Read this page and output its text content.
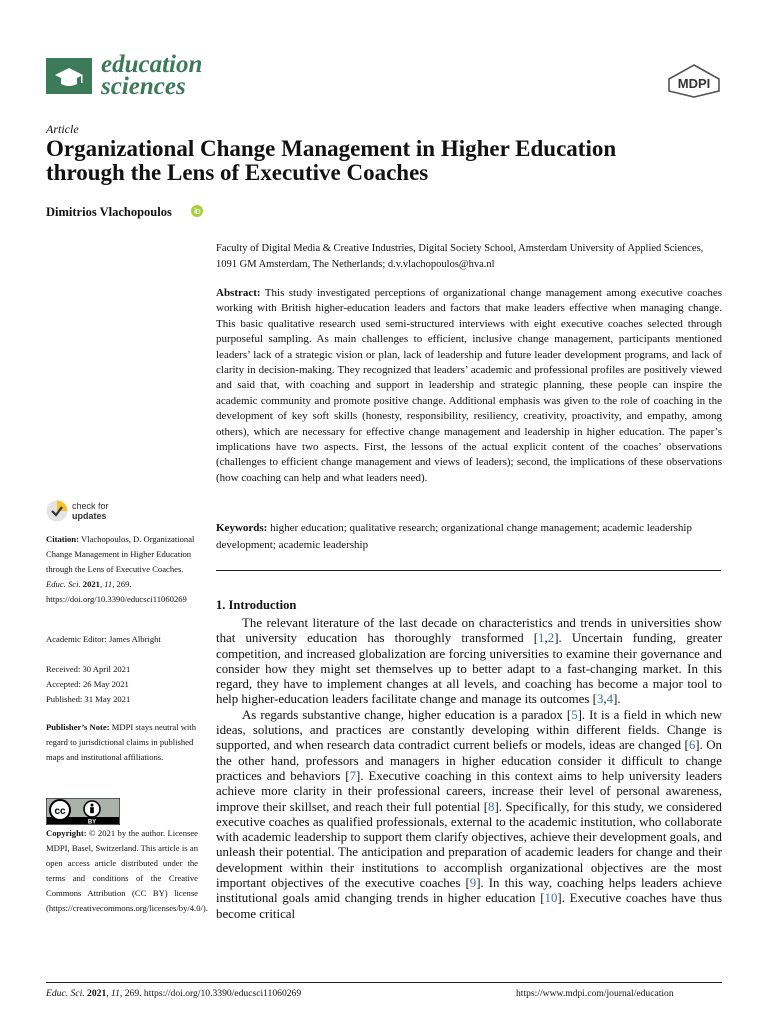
education
sciences	MDPI
Article
Organizational Change Management in Higher Education
through the Lens of Executive Coaches
Dimitrios Vlachopoulos
Faculty of Digital Media & Creative Industries, Digital Society School, Amsterdam University of Applied Sciences, 1091 GM Amsterdam, The Netherlands; d.v.vlachopoulos@hva.nl
Abstract: This study investigated perceptions of organizational change management among executive coaches working with British higher-education leaders and factors that make leaders effective when managing change. This basic qualitative research used semi-structured interviews with eight executive coaches selected through purposeful sampling. As main challenges to efficient, inclusive change management, participants mentioned leaders’ lack of a strategic vision or plan, lack of leadership and future leader development programs, and lack of clarity in decision-making. They recognized that leaders’ academic and professional profiles are positively viewed and said that, with coaching and support in leadership and strategic planning, these people can inspire the academic community and promote positive change. Additional emphasis was given to the role of coaching in the development of key soft skills (honesty, responsibility, resiliency, creativity, proactivity, and empathy, among others), which are necessary for effective change management and leadership in higher education. The paper’s implications have two aspects. First, the lessons of the actual explicit content of the coaches’ observations (challenges to efficient change management and views of leaders); second, the implications of these observations (how coaching can help and what leaders need).
Keywords: higher education; qualitative research; organizational change management; academic leadership development; academic leadership
check for
updates
Citation: Vlachopoulos, D. Organizational Change Management in Higher Education through the Lens of Executive Coaches. Educ. Sci. 2021, 11, 269. https://doi.org/10.3390/educsci11060269
Academic Editor: James Albright
Received: 30 April 2021
Accepted: 26 May 2021
Published: 31 May 2021
Publisher’s Note: MDPI stays neutral with regard to jurisdictional claims in published maps and institutional affiliations.
cc
BY
Copyright: © 2021 by the author. Licensee MDPI, Basel, Switzerland. This article is an open access article distributed under the terms and conditions of the Creative Commons Attribution (CC BY) license (https://creativecommons.org/licenses/by/4.0/).
1. Introduction

The relevant literature of the last decade on characteristics and trends in universities show that university education has thoroughly transformed [1,2]. Uncertain funding, greater competition, and increased globalization are forcing universities to examine their governance and consider how they might set themselves up to better adapt to a fast-changing market. In this regard, they have to implement changes at all levels, and coaching has become a major tool to help higher-education leaders facilitate change and manage its outcomes [3,4].

As regards substantive change, higher education is a paradox [5]. It is a field in which new ideas, solutions, and practices are constantly developing within different fields. Change is supported, and when research data contradict current beliefs or models, ideas are changed [6]. On the other hand, professors and managers in higher education consider it difficult to change practices and behaviors [7]. Executive coaching in this context aims to help university leaders achieve more clarity in their professional careers, increase their level of personal awareness, improve their skillset, and reach their full potential [8]. Specifically, for this study, we considered executive coaches as qualified professionals, external to the academic institution, who collaborate with academic leadership to support them clarify objectives, achieve their development goals, and unleash their potential. The anticipation and preparation of academic leaders for change and their development within their institutions to accomplish organizational objectives are the most important objectives of the executive coaches [9]. In this way, coaching helps leaders achieve institutional goals amid changing trends in higher education [10]. Executive coaches have thus become critical

Educ. Sci. 2021, 11, 269. https://doi.org/10.3390/educsci11060269	https://www.mdpi.com/journal/education
